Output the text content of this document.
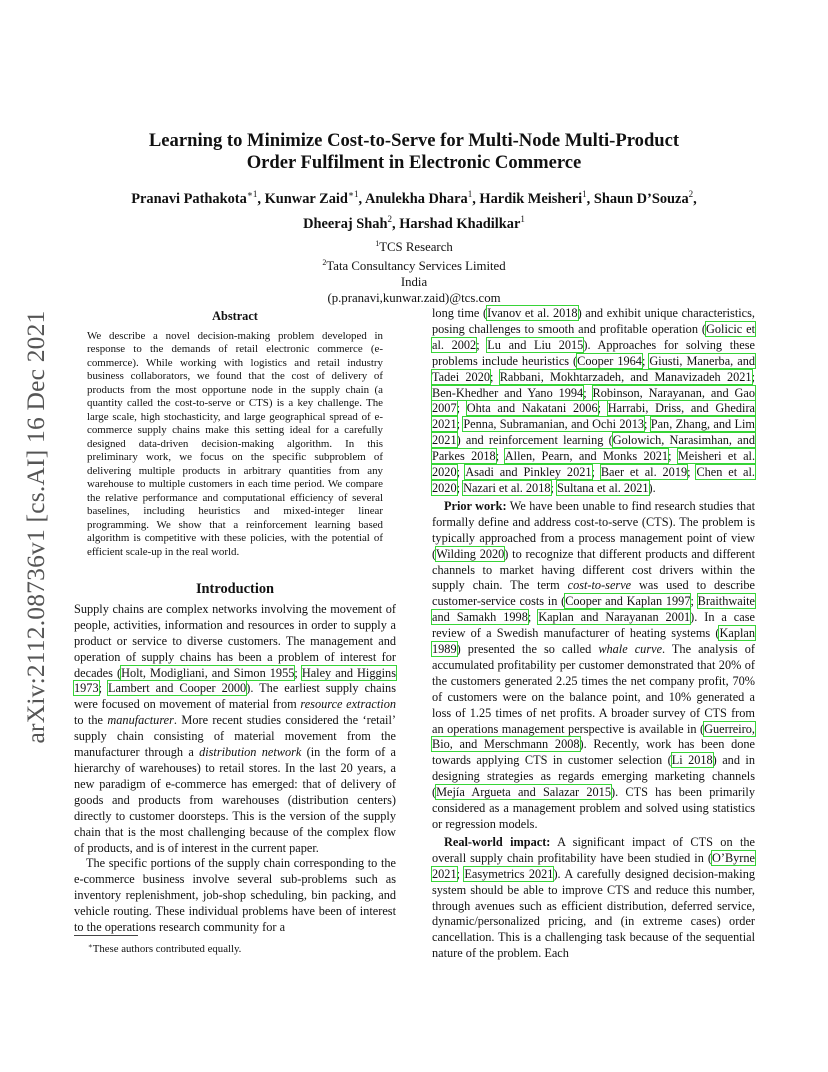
arXiv:2112.08736v1 [cs.AI] 16 Dec 2021
Learning to Minimize Cost-to-Serve for Multi-Node Multi-Product
Order Fulfilment in Electronic Commerce
Pranavi Pathakota$^{∗1}$, Kunwar Zaid$^{∗1}$, Anulekha Dhara$^1$, Hardik Meisheri$^1$, Shaun D’Souza$^2$,
Dheeraj Shah$^2$, Harshad Khadilkar$^1$
$^1$TCS Research
$^2$Tata Consultancy Services Limited
India
(p.pranavi,kunwar.zaid)@tcs.com
Abstract

We describe a novel decision-making problem developed in response to the demands of retail electronic commerce (e-commerce). While working with logistics and retail industry business collaborators, we found that the cost of delivery of products from the most opportune node in the supply chain (a quantity called the cost-to-serve or CTS) is a key challenge. The large scale, high stochasticity, and large geographical spread of e-commerce supply chains make this setting ideal for a carefully designed data-driven decision-making algorithm. In this preliminary work, we focus on the specific subproblem of delivering multiple products in arbitrary quantities from any warehouse to multiple customers in each time period. We compare the relative performance and computational efficiency of several baselines, including heuristics and mixed-integer linear programming. We show that a reinforcement learning based algorithm is competitive with these policies, with the potential of efficient scale-up in the real world.

Introduction

Supply chains are complex networks involving the movement of people, activities, information and resources in order to supply a product or service to diverse customers. The management and operation of supply chains has been a problem of interest for decades (Holt, Modigliani, and Simon 1955; Haley and Higgins 1973; Lambert and Cooper 2000). The earliest supply chains were focused on movement of material from resource extraction to the manufacturer. More recent studies considered the ‘retail’ supply chain consisting of material movement from the manufacturer through a distribution network (in the form of a hierarchy of warehouses) to retail stores. In the last 20 years, a new paradigm of e-commerce has emerged: that of delivery of goods and products from warehouses (distribution centers) directly to customer doorsteps. This is the version of the supply chain that is the most challenging because of the complex flow of products, and is of interest in the current paper.

The specific portions of the supply chain corresponding to the e-commerce business involve several sub-problems such as inventory replenishment, job-shop scheduling, bin packing, and vehicle routing. These individual problems have been of interest to the operations research community for a

long time (Ivanov et al. 2018) and exhibit unique characteristics, posing challenges to smooth and profitable operation (Golicic et al. 2002; Lu and Liu 2015). Approaches for solving these problems include heuristics (Cooper 1964; Giusti, Manerba, and Tadei 2020; Rabbani, Mokhtarzadeh, and Manavizadeh 2021; Ben-Khedher and Yano 1994; Robinson, Narayanan, and Gao 2007; Ohta and Nakatani 2006; Harrabi, Driss, and Ghedira 2021; Penna, Subramanian, and Ochi 2013; Pan, Zhang, and Lim 2021) and reinforcement learning (Golowich, Narasimhan, and Parkes 2018; Allen, Pearn, and Monks 2021; Meisheri et al. 2020; Asadi and Pinkley 2021; Baer et al. 2019; Chen et al. 2020; Nazari et al. 2018; Sultana et al. 2021).

Prior work: We have been unable to find research studies that formally define and address cost-to-serve (CTS). The problem is typically approached from a process management point of view (Wilding 2020) to recognize that different products and different channels to market having different cost drivers within the supply chain. The term cost-to-serve was used to describe customer-service costs in (Cooper and Kaplan 1997; Braithwaite and Samakh 1998; Kaplan and Narayanan 2001). In a case review of a Swedish manufacturer of heating systems (Kaplan 1989) presented the so called whale curve. The analysis of accumulated profitability per customer demonstrated that 20% of the customers generated 2.25 times the net company profit, 70% of customers were on the balance point, and 10% generated a loss of 1.25 times of net profits. A broader survey of CTS from an operations management perspective is available in (Guerreiro, Bio, and Merschmann 2008). Recently, work has been done towards applying CTS in customer selection (Li 2018) and in designing strategies as regards emerging marketing channels (Mejía Argueta and Salazar 2015). CTS has been primarily considered as a management problem and solved using statistics or regression models.

Real-world impact: A significant impact of CTS on the overall supply chain profitability have been studied in (O’Byrne 2021; Easymetrics 2021). A carefully designed decision-making system should be able to improve CTS and reduce this number, through avenues such as efficient distribution, deferred service, dynamic/personalized pricing, and (in extreme cases) order cancellation. This is a challenging task because of the sequential nature of the problem. Each

∗These authors contributed equally.
